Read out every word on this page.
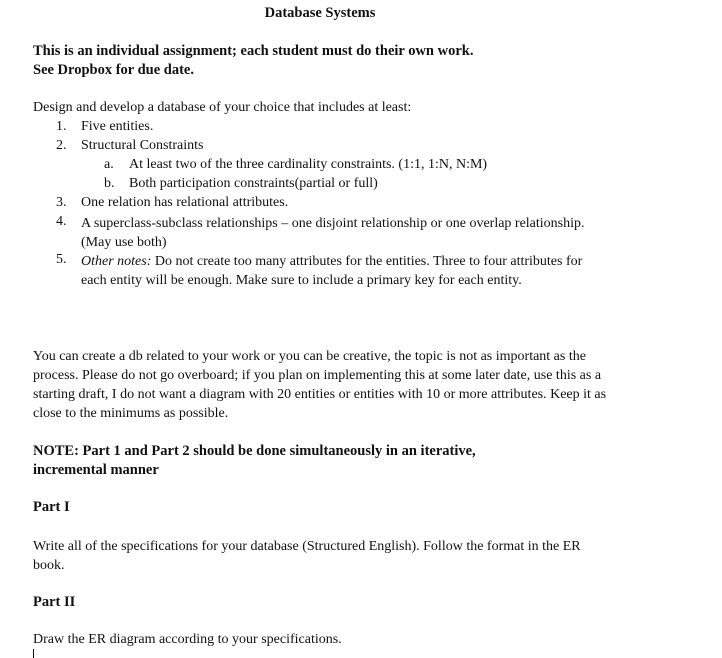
Database Systems
This is an individual assignment; each student must do their own work.
See Dropbox for due date.
Design and develop a database of your choice that includes at least:
1. Five entities.
2. Structural Constraints
a. At least two of the three cardinality constraints. (1:1, 1:N, N:M)
b. Both participation constraints(partial or full)
3. One relation has relational attributes.
4. A superclass-subclass relationships – one disjoint relationship or one overlap relationship. (May use both)
5. Other notes: Do not create too many attributes for the entities. Three to four attributes for each entity will be enough. Make sure to include a primary key for each entity.
You can create a db related to your work or you can be creative, the topic is not as important as the process. Please do not go overboard; if you plan on implementing this at some later date, use this as a starting draft, I do not want a diagram with 20 entities or entities with 10 or more attributes. Keep it as close to the minimums as possible.
NOTE: Part 1 and Part 2 should be done simultaneously in an iterative, incremental manner
Part I
Write all of the specifications for your database (Structured English). Follow the format in the ER book.
Part II
Draw the ER diagram according to your specifications.
